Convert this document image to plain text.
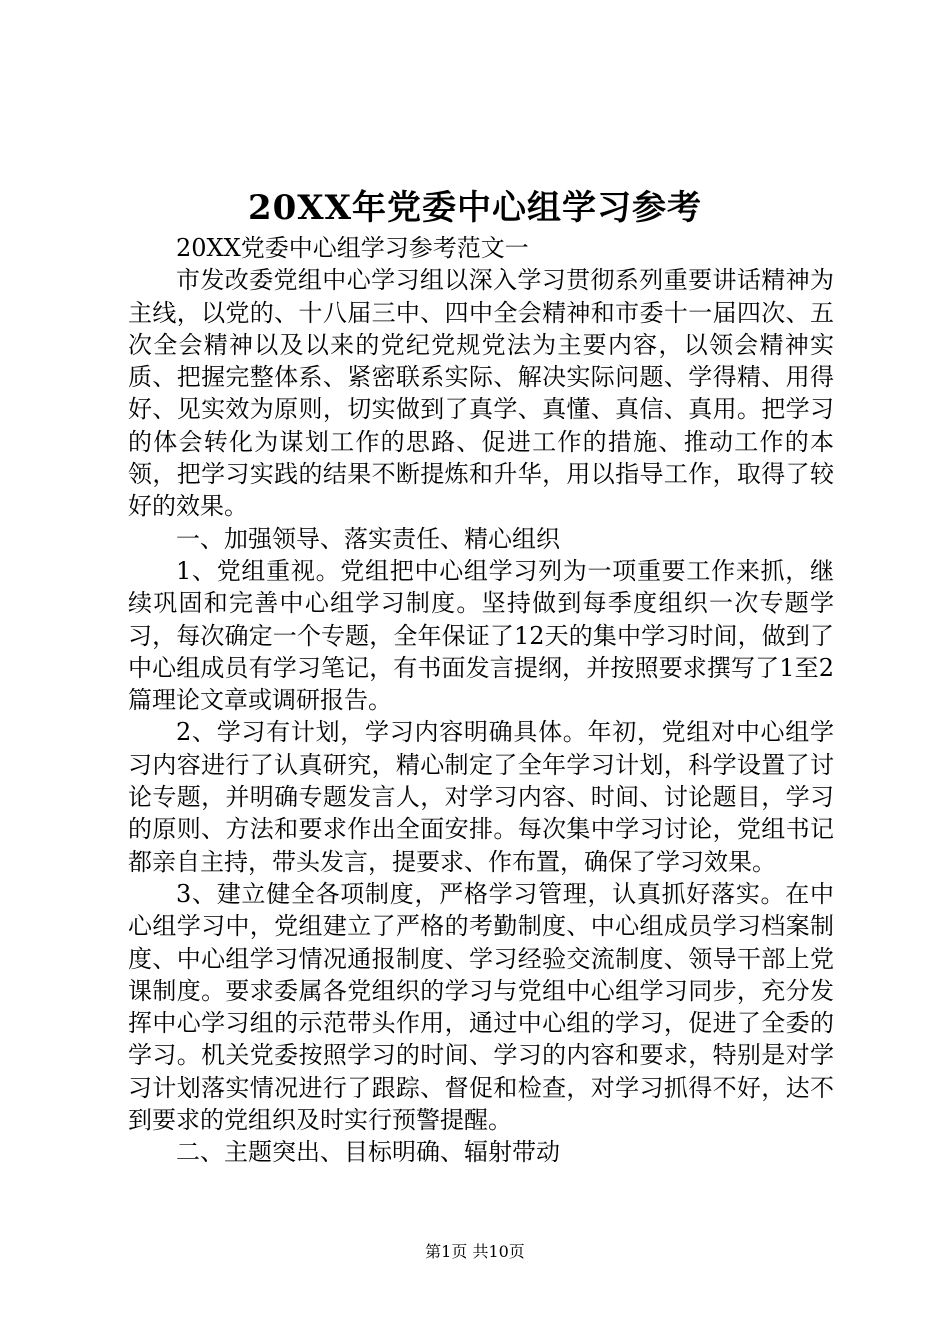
20XX年党委中心组学习参考

20XX党委中心组学习参考范文一

市发改委党组中心学习组以深入学习贯彻系列重要讲话精神为主线，以党的、十八届三中、四中全会精神和市委十一届四次、五次全会精神以及以来的党纪党规党法为主要内容，以领会精神实质、把握完整体系、紧密联系实际、解决实际问题、学得精、用得好、见实效为原则，切实做到了真学、真懂、真信、真用。把学习的体会转化为谋划工作的思路、促进工作的措施、推动工作的本领，把学习实践的结果不断提炼和升华，用以指导工作，取得了较好的效果。

一、加强领导、落实责任、精心组织

1、党组重视。党组把中心组学习列为一项重要工作来抓，继续巩固和完善中心组学习制度。坚持做到每季度组织一次专题学习，每次确定一个专题，全年保证了12天的集中学习时间，做到了中心组成员有学习笔记，有书面发言提纲，并按照要求撰写了1至2篇理论文章或调研报告。

2、学习有计划，学习内容明确具体。年初，党组对中心组学习内容进行了认真研究，精心制定了全年学习计划，科学设置了讨论专题，并明确专题发言人，对学习内容、时间、讨论题目，学习的原则、方法和要求作出全面安排。每次集中学习讨论，党组书记都亲自主持，带头发言，提要求、作布置，确保了学习效果。

3、建立健全各项制度，严格学习管理，认真抓好落实。在中心组学习中，党组建立了严格的考勤制度、中心组成员学习档案制度、中心组学习情况通报制度、学习经验交流制度、领导干部上党课制度。要求委属各党组织的学习与党组中心组学习同步，充分发挥中心学习组的示范带头作用，通过中心组的学习，促进了全委的学习。机关党委按照学习的时间、学习的内容和要求，特别是对学习计划落实情况进行了跟踪、督促和检查，对学习抓得不好，达不到要求的党组织及时实行预警提醒。

二、主题突出、目标明确、辐射带动

第1页 共10页
